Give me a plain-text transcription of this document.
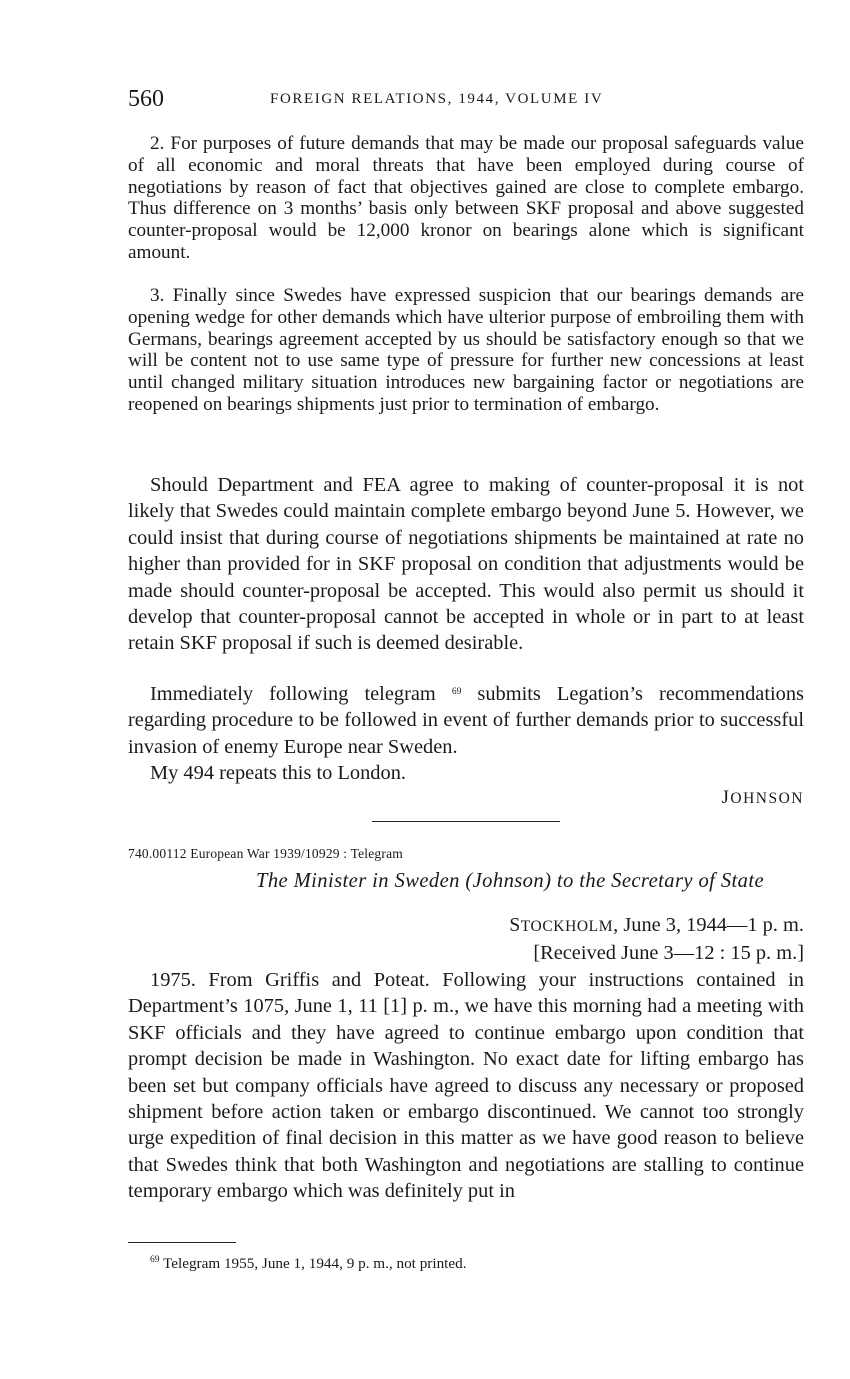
560	FOREIGN RELATIONS, 1944, VOLUME IV

2. For purposes of future demands that may be made our proposal safeguards value of all economic and moral threats that have been employed during course of negotiations by reason of fact that objectives gained are close to complete embargo. Thus difference on 3 months’ basis only between SKF proposal and above suggested counter-proposal would be 12,000 kronor on bearings alone which is significant amount.

3. Finally since Swedes have expressed suspicion that our bearings demands are opening wedge for other demands which have ulterior purpose of embroiling them with Germans, bearings agreement accepted by us should be satisfactory enough so that we will be content not to use same type of pressure for further new concessions at least until changed military situation introduces new bargaining factor or negotiations are reopened on bearings shipments just prior to termination of embargo.

Should Department and FEA agree to making of counter-proposal it is not likely that Swedes could maintain complete embargo beyond June 5. However, we could insist that during course of negotiations shipments be maintained at rate no higher than provided for in SKF proposal on condition that adjustments would be made should counter-proposal be accepted. This would also permit us should it develop that counter-proposal cannot be accepted in whole or in part to at least retain SKF proposal if such is deemed desirable.

Immediately following telegram $^{69}$ submits Legation’s recommendations regarding procedure to be followed in event of further demands prior to successful invasion of enemy Europe near Sweden.

My 494 repeats this to London.

JOHNSON
740.00112 European War 1939/10929 : Telegram
The Minister in Sweden (Johnson) to the Secretary of State
STOCKHOLM, June 3, 1944—1 p. m.
[Received June 3—12 : 15 p. m.]

1975. From Griffis and Poteat. Following your instructions contained in Department’s 1075, June 1, 11 [1] p. m., we have this morning had a meeting with SKF officials and they have agreed to continue embargo upon condition that prompt decision be made in Washington. No exact date for lifting embargo has been set but company officials have agreed to discuss any necessary or proposed shipment before action taken or embargo discontinued. We cannot too strongly urge expedition of final decision in this matter as we have good reason to believe that Swedes think that both Washington and negotiations are stalling to continue temporary embargo which was definitely put in

$^{69}$ Telegram 1955, June 1, 1944, 9 p. m., not printed.
